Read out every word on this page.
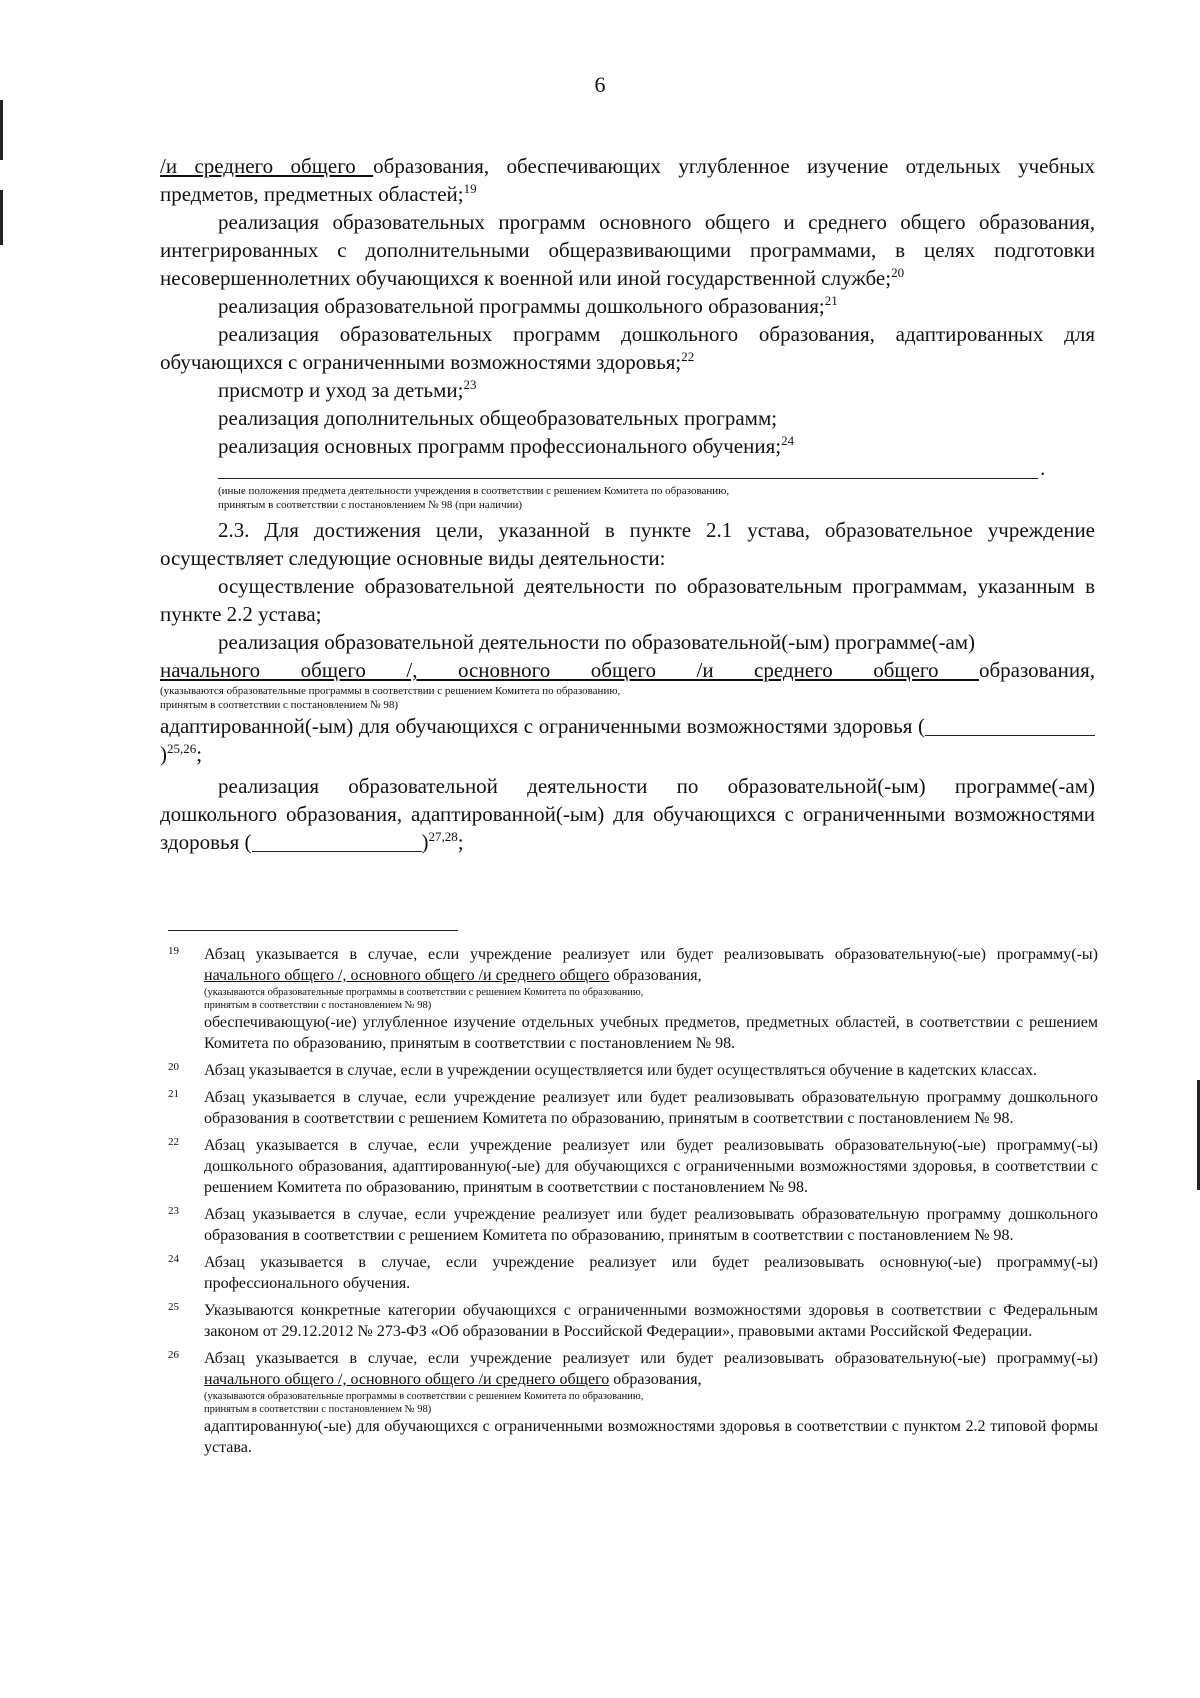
6

/и среднего общего образования, обеспечивающих углубленное изучение отдельных учебных предметов, предметных областей;$^{19}$

реализация образовательных программ основного общего и среднего общего образования, интегрированных с дополнительными общеразвивающими программами, в целях подготовки несовершеннолетних обучающихся к военной или иной государственной службе;$^{20}$

реализация образовательной программы дошкольного образования;$^{21}$

реализация образовательных программ дошкольного образования, адаптированных для обучающихся с ограниченными возможностями здоровья;$^{22}$

присмотр и уход за детьми;$^{23}$

реализация дополнительных общеобразовательных программ;

реализация основных программ профессионального обучения;$^{24}$

.

(иные положения предмета деятельности учреждения в соответствии с решением Комитета по образованию,

принятым в соответствии с постановлением № 98 (при наличии)

2.3. Для достижения цели, указанной в пункте 2.1 устава, образовательное учреждение осуществляет следующие основные виды деятельности:

осуществление образовательной деятельности по образовательным программам, указанным в пункте 2.2 устава;

реализация образовательной деятельности по образовательной(-ым) программе(-ам)

начального общего /, основного общего /и среднего общего образования,

(указываются образовательные программы в соответствии с решением Комитета по образованию,

принятым в соответствии с постановлением № 98)

адаптированной(-ым) для обучающихся с ограниченными возможностями здоровья ()$^{25,26}$;

реализация образовательной деятельности по образовательной(-ым) программе(-ам) дошкольного образования, адаптированной(-ым) для обучающихся с ограниченными возможностями здоровья (	)$^{27,28}$;

19 Абзац указывается в случае, если учреждение реализует или будет реализовывать образовательную(-ые) программу(-ы) начального общего /, основного общего /и среднего общего образования,

(указываются образовательные программы в соответствии с решением Комитета по образованию,

принятым в соответствии с постановлением № 98)

обеспечивающую(-ие) углубленное изучение отдельных учебных предметов, предметных областей, в соответствии с решением Комитета по образованию, принятым в соответствии с постановлением № 98.
20 Абзац указывается в случае, если в учреждении осуществляется или будет осуществляться обучение в кадетских классах.
21 Абзац указывается в случае, если учреждение реализует или будет реализовывать образовательную программу дошкольного образования в соответствии с решением Комитета по образованию, принятым в соответствии с постановлением № 98.
22 Абзац указывается в случае, если учреждение реализует или будет реализовывать образовательную(-ые) программу(-ы) дошкольного образования, адаптированную(-ые) для обучающихся с ограниченными возможностями здоровья, в соответствии с решением Комитета по образованию, принятым в соответствии с постановлением № 98.
23 Абзац указывается в случае, если учреждение реализует или будет реализовывать образовательную программу дошкольного образования в соответствии с решением Комитета по образованию, принятым в соответствии с постановлением № 98.
24 Абзац указывается в случае, если учреждение реализует или будет реализовывать основную(-ые) программу(-ы) профессионального обучения.
25 Указываются конкретные категории обучающихся с ограниченными возможностями здоровья в соответствии с Федеральным законом от 29.12.2012 № 273-ФЗ «Об образовании в Российской Федерации», правовыми актами Российской Федерации.
26 Абзац указывается в случае, если учреждение реализует или будет реализовывать образовательную(-ые) программу(-ы) начального общего /, основного общего /и среднего общего образования,

(указываются образовательные программы в соответствии с решением Комитета по образованию,

принятым в соответствии с постановлением № 98)

адаптированную(-ые) для обучающихся с ограниченными возможностями здоровья в соответствии с пунктом 2.2 типовой формы устава.
